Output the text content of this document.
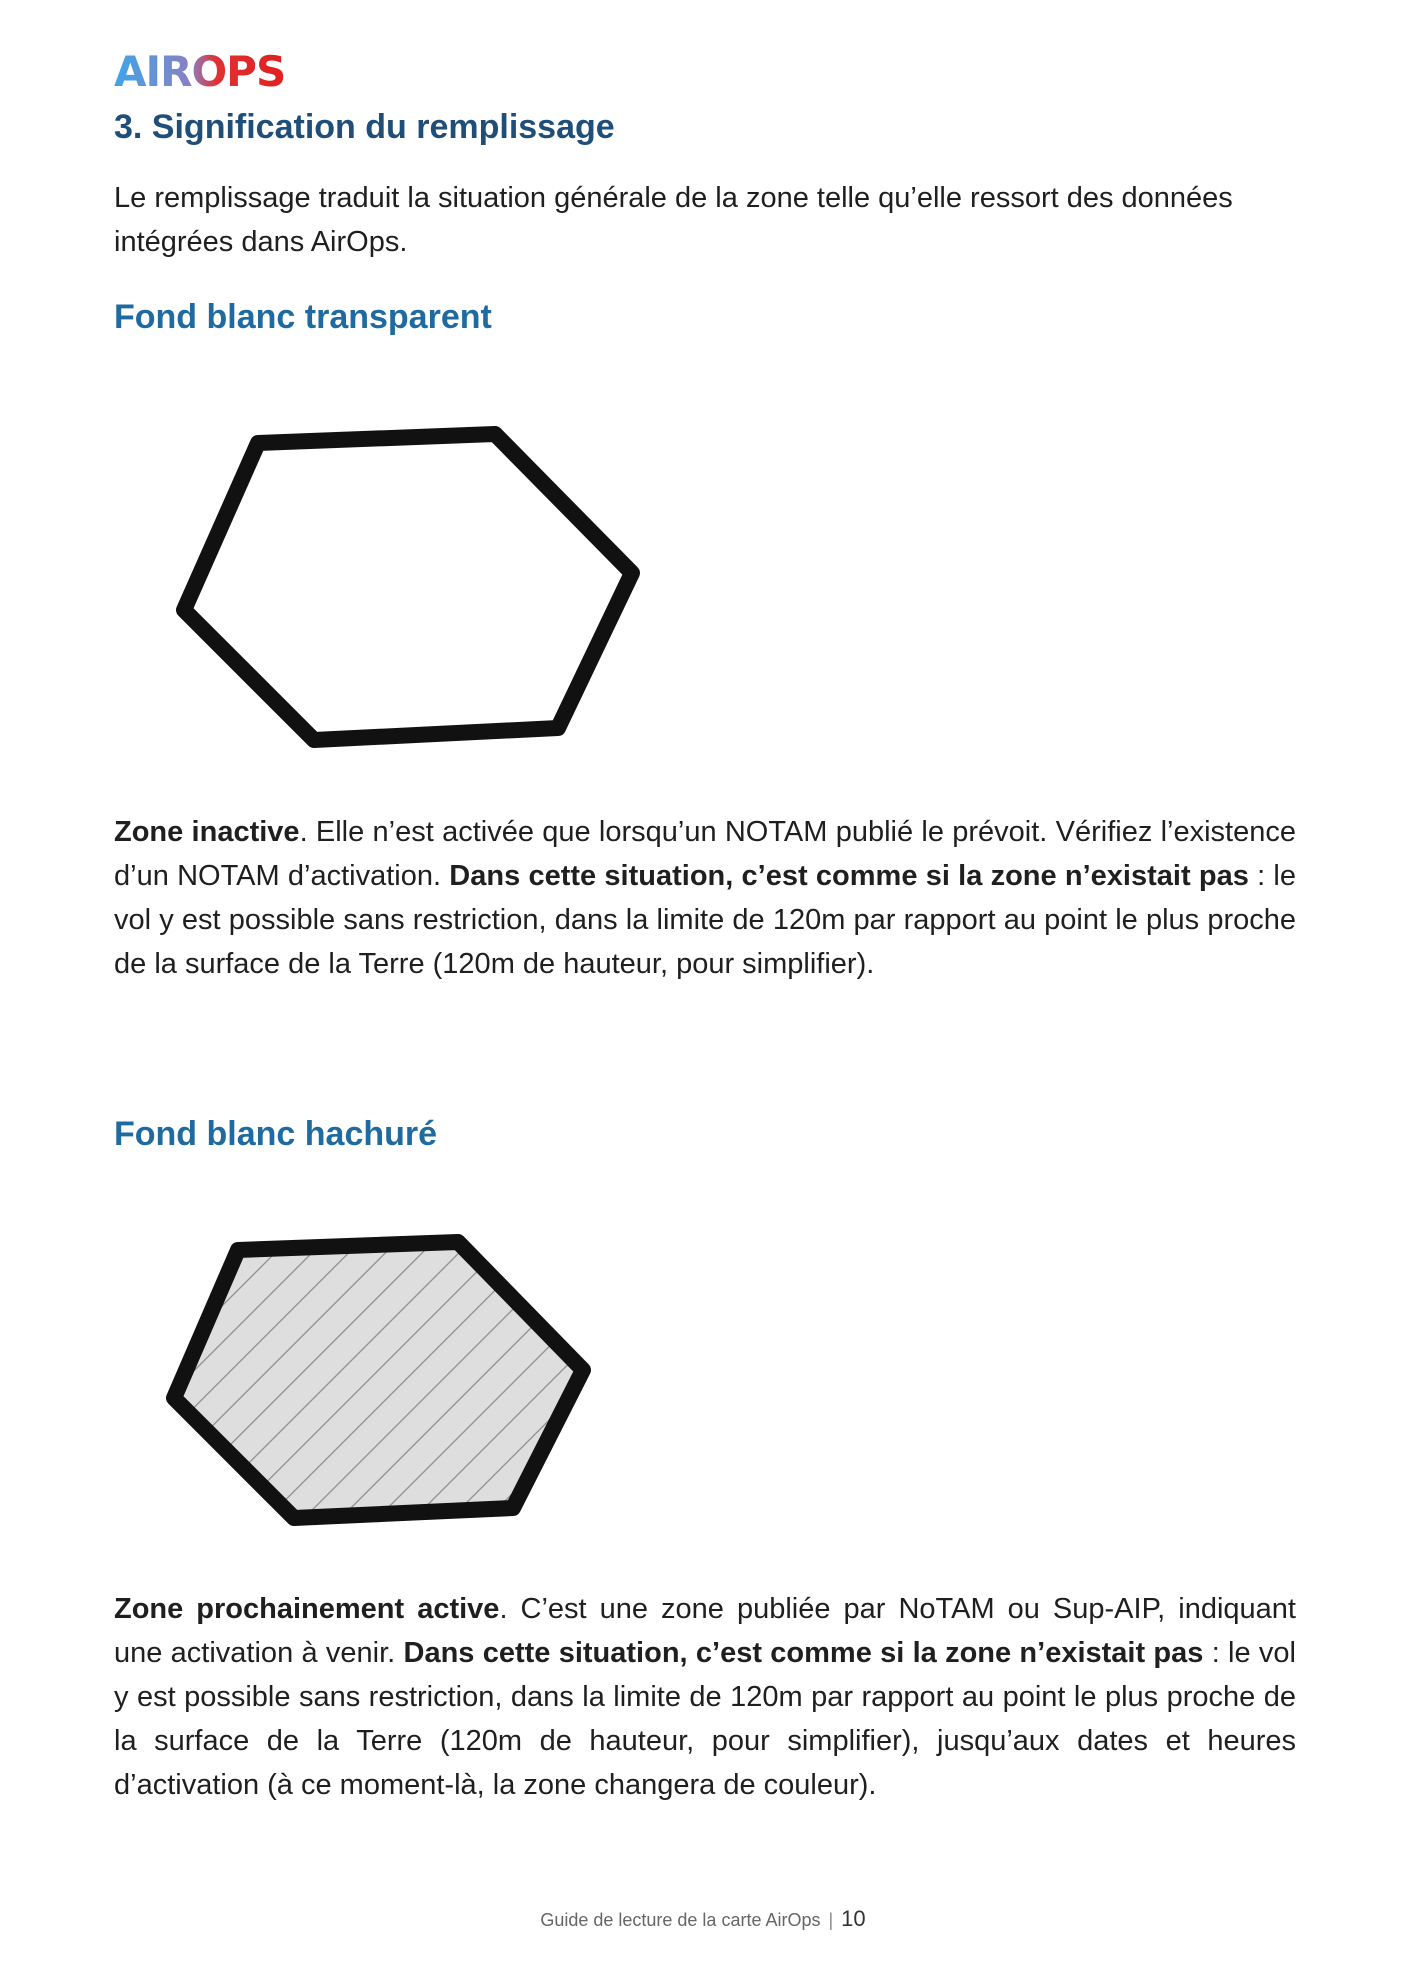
AIROPS
3. Signification du remplissage

Le remplissage traduit la situation générale de la zone telle qu’elle ressort des données intégrées dans AirOps.

Fond blanc transparent

Zone inactive. Elle n’est activée que lorsqu’un NOTAM publié le prévoit. Vérifiez l’existence d’un NOTAM d’activation. Dans cette situation, c’est comme si la zone n’existait pas : le vol y est possible sans restriction, dans la limite de 120m par rapport au point le plus proche de la surface de la Terre (120m de hauteur, pour simplifier).

Fond blanc hachuré

Zone prochainement active. C’est une zone publiée par NoTAM ou Sup-AIP, indiquant une activation à venir. Dans cette situation, c’est comme si la zone n’existait pas : le vol y est possible sans restriction, dans la limite de 120m par rapport au point le plus proche de la surface de la Terre (120m de hauteur, pour simplifier), jusqu’aux dates et heures d’activation (à ce moment-là, la zone changera de couleur).

Guide de lecture de la carte AirOps | 10
